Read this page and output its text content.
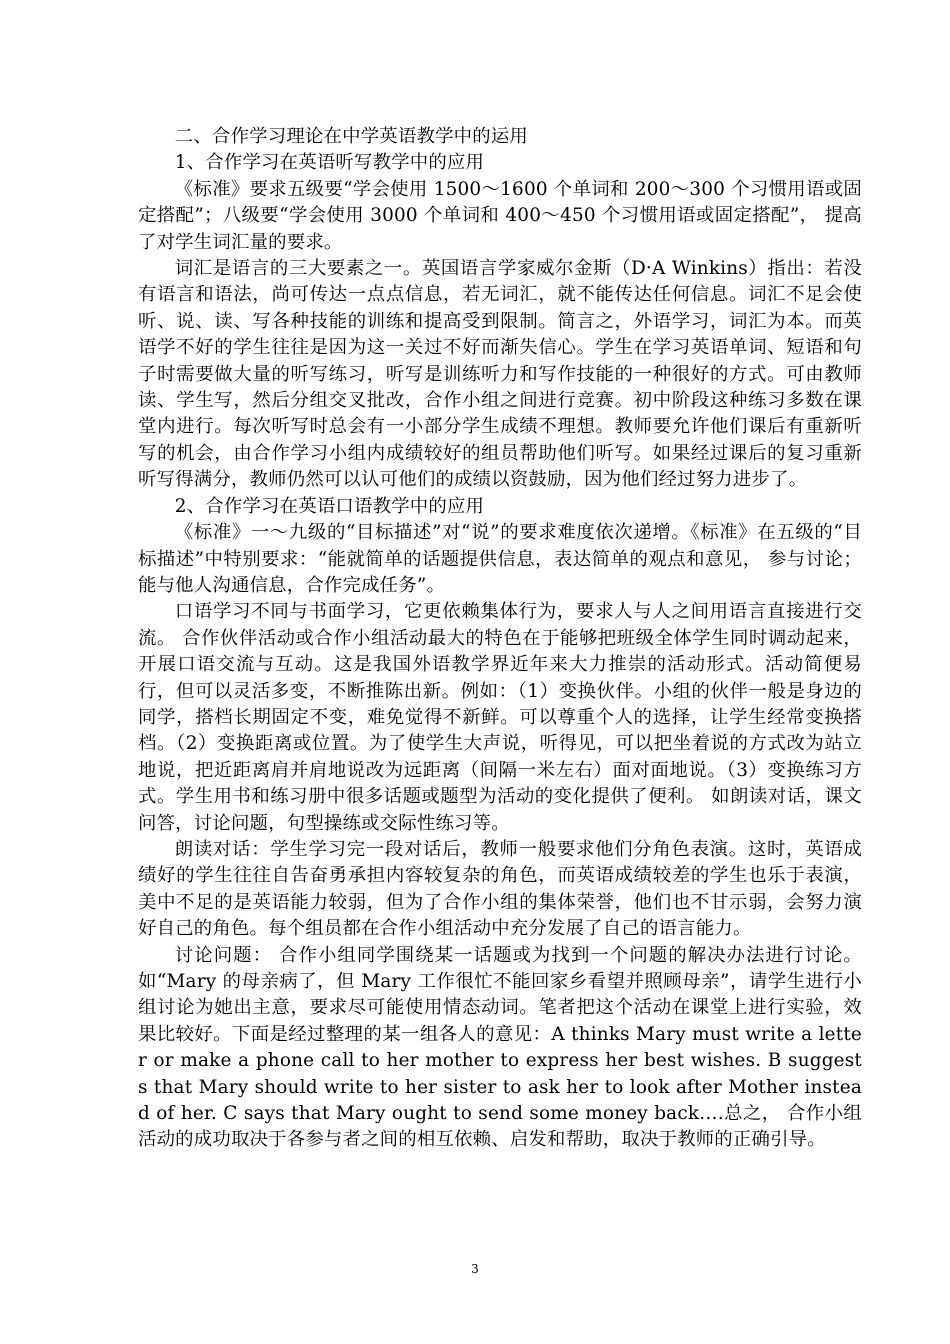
二、合作学习理论在中学英语教学中的运用

1、合作学习在英语听写教学中的应用

《标准》要求五级要“学会使用 1500～1600 个单词和 200～300 个习惯用语或固定搭配”；八级要“学会使用 3000 个单词和 400～450 个习惯用语或固定搭配”， 提高了对学生词汇量的要求。

词汇是语言的三大要素之一。英国语言学家威尔金斯（D·A Winkins）指出：若没有语言和语法，尚可传达一点点信息，若无词汇，就不能传达任何信息。词汇不足会使听、说、读、写各种技能的训练和提高受到限制。简言之，外语学习，词汇为本。而英语学不好的学生往往是因为这一关过不好而渐失信心。学生在学习英语单词、短语和句子时需要做大量的听写练习，听写是训练听力和写作技能的一种很好的方式。可由教师读、学生写，然后分组交叉批改，合作小组之间进行竞赛。初中阶段这种练习多数在课堂内进行。每次听写时总会有一小部分学生成绩不理想。教师要允许他们课后有重新听写的机会，由合作学习小组内成绩较好的组员帮助他们听写。如果经过课后的复习重新听写得满分，教师仍然可以认可他们的成绩以资鼓励，因为他们经过努力进步了。

2、合作学习在英语口语教学中的应用

《标准》一～九级的“目标描述”对“说”的要求难度依次递增。《标准》在五级的“目标描述”中特别要求：“能就简单的话题提供信息，表达简单的观点和意见， 参与讨论； 能与他人沟通信息，合作完成任务”。

口语学习不同与书面学习，它更依赖集体行为，要求人与人之间用语言直接进行交流。 合作伙伴活动或合作小组活动最大的特色在于能够把班级全体学生同时调动起来，开展口语交流与互动。这是我国外语教学界近年来大力推崇的活动形式。活动简便易行，但可以灵活多变，不断推陈出新。例如：（1）变换伙伴。小组的伙伴一般是身边的同学，搭档长期固定不变，难免觉得不新鲜。可以尊重个人的选择，让学生经常变换搭档。（2）变换距离或位置。为了使学生大声说，听得见，可以把坐着说的方式改为站立地说，把近距离肩并肩地说改为远距离（间隔一米左右）面对面地说。（3）变换练习方式。学生用书和练习册中很多话题或题型为活动的变化提供了便利。 如朗读对话，课文问答，讨论问题，句型操练或交际性练习等。

朗读对话：学生学习完一段对话后，教师一般要求他们分角色表演。这时，英语成绩好的学生往往自告奋勇承担内容较复杂的角色，而英语成绩较差的学生也乐于表演，美中不足的是英语能力较弱，但为了合作小组的集体荣誉，他们也不甘示弱，会努力演好自己的角色。每个组员都在合作小组活动中充分发展了自己的语言能力。

讨论问题： 合作小组同学围绕某一话题或为找到一个问题的解决办法进行讨论。如“Mary 的母亲病了，但 Mary 工作很忙不能回家乡看望并照顾母亲”，请学生进行小组讨论为她出主意，要求尽可能使用情态动词。笔者把这个活动在课堂上进行实验，效果比较好。下面是经过整理的某一组各人的意见：A thinks Mary must write a letter or make a phone call to her mother to express her best wishes. B suggests that Mary should write to her sister to ask her to look after Mother instead of her. C says that Mary ought to send some money back….总之， 合作小组活动的成功取决于各参与者之间的相互依赖、启发和帮助，取决于教师的正确引导。

3
